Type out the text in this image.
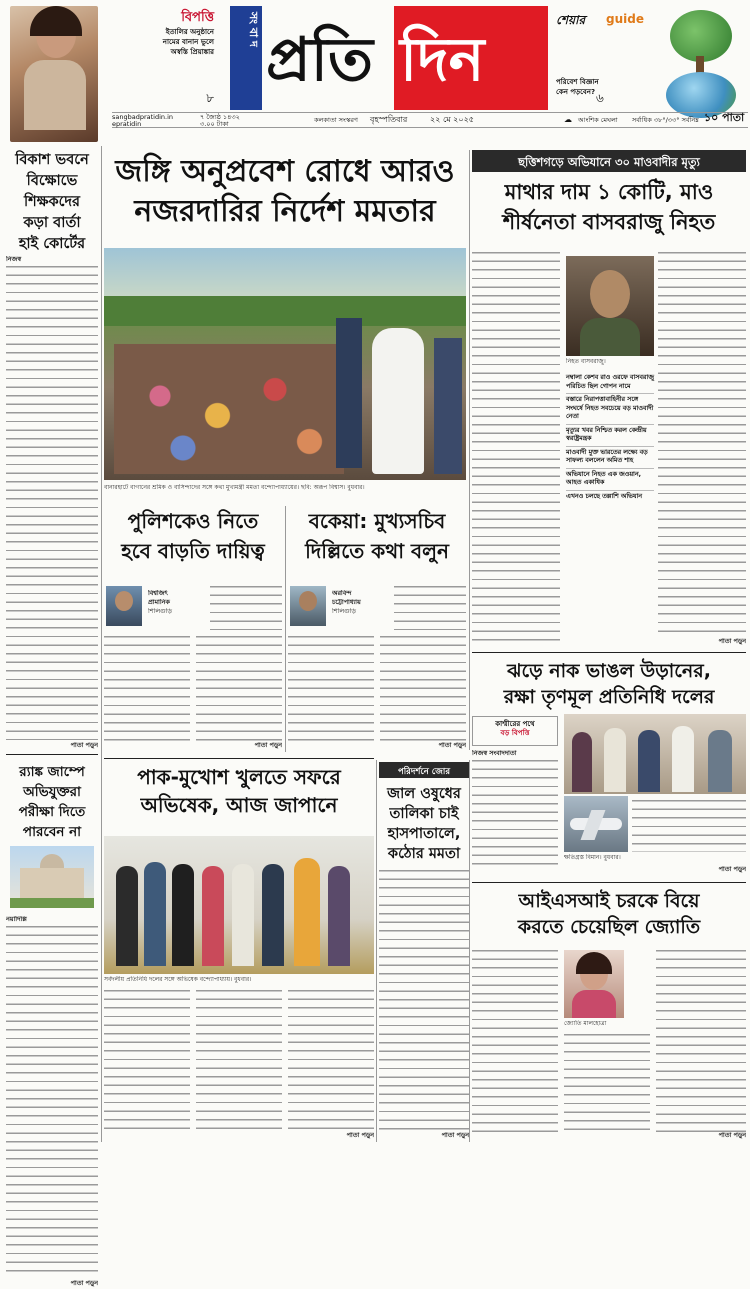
বিপত্তি
ইতালির অনুষ্ঠানে
নামের বানান ভুলে
অস্বস্তি প্রিয়াঙ্কার
৮
সং বা দ প্রতি দিন
শেয়ার guide
পরিবেশ বিজ্ঞান
কেন পড়বেন? ৬
sangbadpratidin.in
epratidin
৭ জ্যৈষ্ঠ ১৪৩২
৩.০০ টাকা	কলকাতা সংস্করণ বৃহস্পতিবার	২২ মে ২০২৫	☁ আংশিক মেঘলা সর্বাধিক ৩৮°/৩৩° সর্বনিম্ন ১০ পাতা
বিকাশ ভবনে
বিক্ষোভে
শিক্ষকদের
কড়া বার্তা
হাই কোর্টের
নিজস্ব
পাতা পড়ুন
র‌্যাঙ্ক জাম্পে
অভিযুক্তরা
পরীক্ষা দিতে
পারবেন না
নয়াদিল্লি
পাতা পড়ুন
জঙ্গি অনুপ্রবেশ রোধে আরও
নজরদারির নির্দেশ মমতার
বানারহাটে বাগানের শ্রমিক ও বাসিন্দাদের সঙ্গে কথা মুখ্যমন্ত্রী মমতা বন্দ্যোপাধ্যায়ের। ছবি: অরূপ বিশ্বাস। বুধবার।
পুলিশকেও নিতে
হবে বাড়তি দায়িত্ব
বিশ্বজিৎ
প্রামানিক
শিলিগুড়ি
পাতা পড়ুন
বকেয়া: মুখ্যসচিব
দিল্লিতে কথা বলুন
অরবিন্দ
চট্টোপাধ্যায়
শিলিগুড়ি
পাতা পড়ুন
ছত্তিশগড়ে অভিযানে ৩০ মাওবাদীর মৃত্যু
মাথার দাম ১ কোটি, মাও
শীর্ষনেতা বাসবরাজু নিহত
নিহত বাসবরাজু।
নম্বালা কেশব রাও ওরফে বাসবরাজু পরিচিত ছিল গোপন নামে
বস্তারে নিরাপত্তাবাহিনীর সঙ্গে সংঘর্ষে নিহত সবচেয়ে বড় মাওবাদী নেতা
মৃত্যুর খবর নিশ্চিত করল কেন্দ্রীয় স্বরাষ্ট্রমন্ত্রক
মাওবাদী মুক্ত ভারতের লক্ষ্যে বড় সাফল্য বললেন অমিত শাহ
অভিযানে নিহত এক জওয়ান, আহত একাধিক
এখনও চলছে তল্লাশি অভিযান
পাতা পড়ুন
ঝড়ে নাক ভাঙল উড়ানের,
রক্ষা তৃণমূল প্রতিনিধি দলের
কাশ্মীরের পথে
বড় বিপত্তি
নিজস্ব সংবাদদাতা
ক্ষতিগ্রস্ত বিমান। বুধবার।
পাতা পড়ুন
পাক-মুখোশ খুলতে সফরে
অভিষেক, আজ জাপানে
সর্বদলীয় প্রতিনিধি দলের সঙ্গে অভিষেক বন্দ্যোপাধ্যায়। বুধবার।
পাতা পড়ুন
পরিদর্শনে জোর
জাল ওষুধের
তালিকা চাই
হাসপাতালে,
কঠোর মমতা
পাতা পড়ুন
আইএসআই চরকে বিয়ে
করতে চেয়েছিল জ্যোতি
জ্যোতি মালহোত্রা
পাতা পড়ুন
